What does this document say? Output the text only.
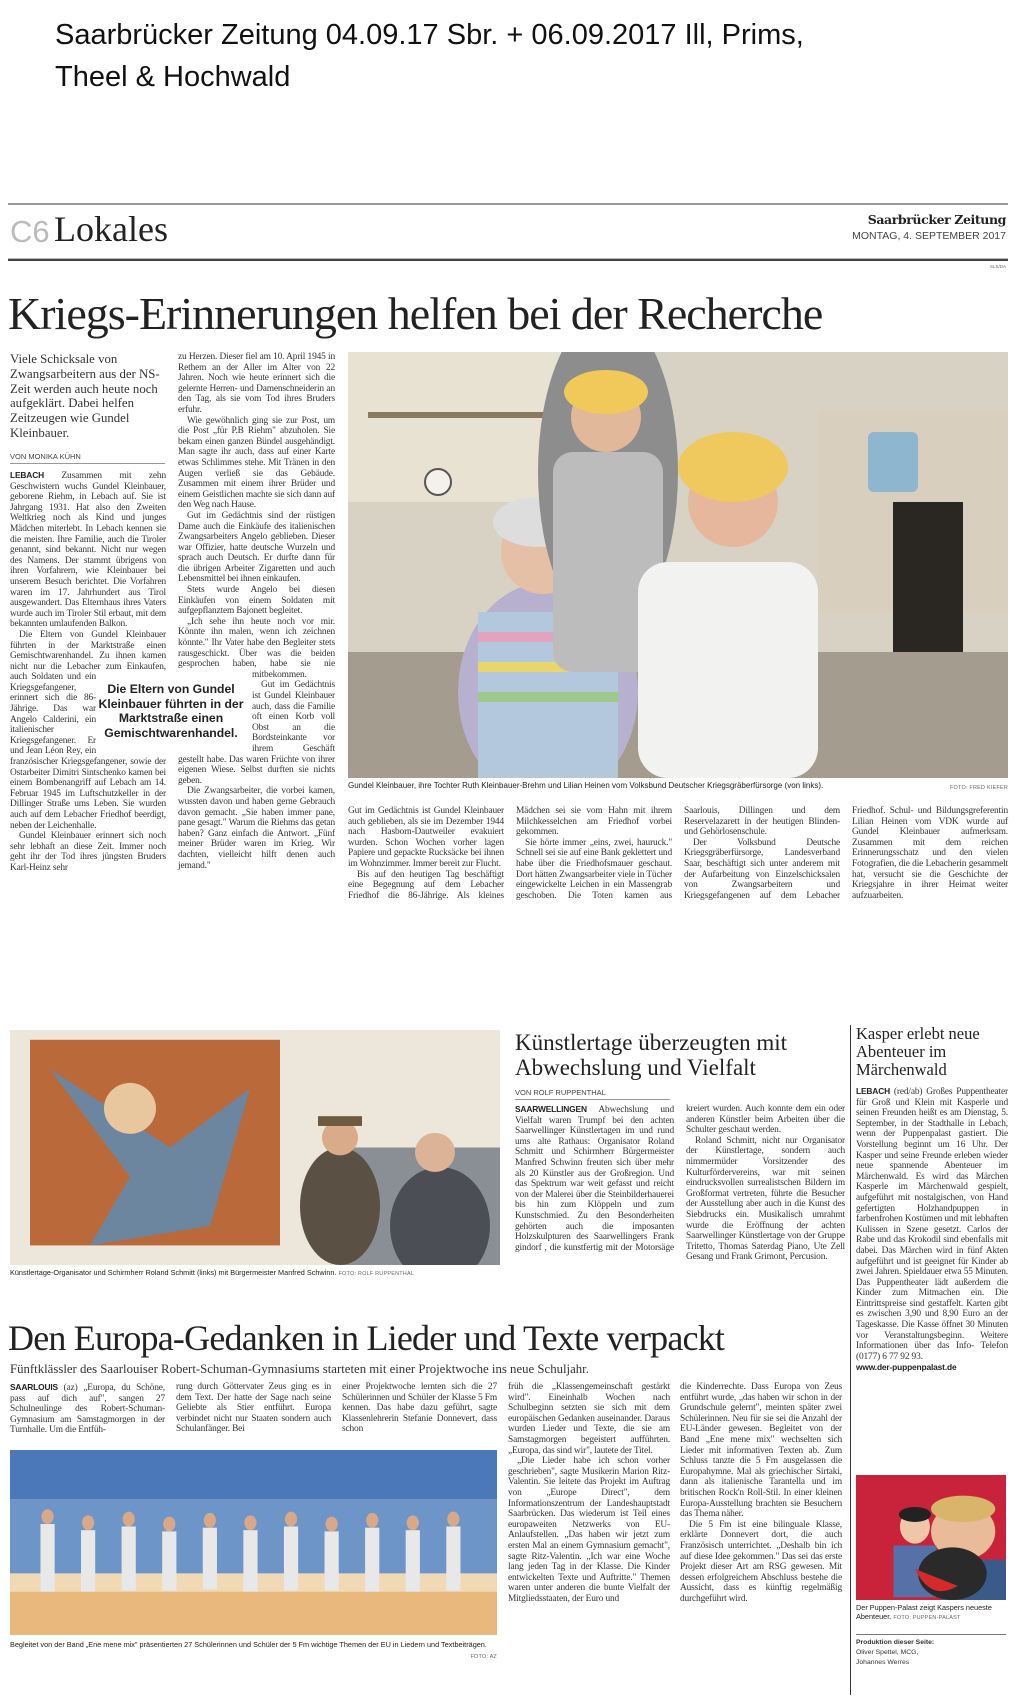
Saarbrücker Zeitung 04.09.17 Sbr. + 06.09.2017 Ill, Prims,
Theel & Hochwald
C6 Lokales	Saarbrücker Zeitung
MONTAG, 4. SEPTEMBER 2017
SLS/DA
Kriegs-Erinnerungen helfen bei der Recherche
Viele Schicksale von Zwangsarbeitern aus der NS-Zeit werden auch heute noch aufgeklärt. Dabei helfen Zeitzeugen wie Gundel Kleinbauer.
VON MONIKA KÜHN

LEBACH Zusammen mit zehn Geschwistern wuchs Gundel Kleinbauer, geborene Riehm, in Lebach auf. Sie ist Jahrgang 1931. Hat also den Zweiten Weltkrieg noch als Kind und junges Mädchen miterlebt. In Lebach kennen sie die meisten. Ihre Familie, auch die Tiroler genannt, sind bekannt. Nicht nur wegen des Namens. Der stammt übrigens von ihren Vorfahrern, wie Kleinbauer bei unserem Besuch berichtet. Die Vorfahren waren im 17. Jahrhundert aus Tirol ausgewandert. Das Elternhaus ihres Vaters wurde auch im Tiroler Stil erbaut, mit dem bekannten umlaufenden Balkon.

Die Eltern von Gundel Kleinbauer führten in der Marktstraße einen Gemischtwarenhandel. Zu ihnen kamen nicht nur die Lebacher zum Einkaufen, auch Soldaten und ein Kriegsgefangener, erinnert sich die 86-Jährige. Das war Angelo Calderini, ein italienischer Kriegsgefangener. Er und Jean Léon Rey, ein französischer Kriegsgefangener, sowie der Ostarbeiter Dimitri Sintschenko kamen bei einem Bombenangriff auf Lebach am 14. Februar 1945 im Luftschutzkeller in der Dillinger Straße ums Leben. Sie wurden auch auf dem Lebacher Friedhof beerdigt, neben der Leichenhalle.

Gundel Kleinbauer erinnert sich noch sehr lebhaft an diese Zeit. Immer noch geht ihr der Tod ihres jüngsten Bruders Karl-Heinz sehr

zu Herzen. Dieser fiel am 10. April 1945 in Rethem an der Aller im Alter von 22 Jahren. Noch wie heute erinnert sich die gelernte Herren- und Damenschneiderin an den Tag, als sie vom Tod ihres Bruders erfuhr.

Wie gewöhnlich ging sie zur Post, um die Post „für P.B Riehm" abzuholen. Sie bekam einen ganzen Bündel ausgehändigt. Man sagte ihr auch, dass auf einer Karte etwas Schlimmes stehe. Mit Tränen in den Augen verließ sie das Gebäude. Zusammen mit einem ihrer Brüder und einem Geistlichen machte sie sich dann auf den Weg nach Hause.

Gut im Gedächtnis sind der rüstigen Dame auch die Einkäufe des italienischen Zwangsarbeiters Angelo geblieben. Dieser war Offizier, hatte deutsche Wurzeln und sprach auch Deutsch. Er durfte dann für die übrigen Arbeiter Zigaretten und auch Lebensmittel bei ihnen einkaufen.

Stets wurde Angelo bei diesen Einkäufen von einem Soldaten mit aufgepflanztem Bajonett begleitet.

„Ich sehe ihn heute noch vor mir. Könnte ihn malen, wenn ich zeichnen könnte." Ihr Vater habe den Begleiter stets rausgeschickt. Über was die beiden gesprochen haben, habe sie nie mitbekommen.

Gut im Gedächtnis ist Gundel Kleinbauer auch, dass die Familie oft einen Korb voll Obst an die Bordsteinkante vor ihrem Geschäft gestellt habe. Das waren Früchte von ihrer eigenen Wiese. Selbst durften sie nichts geben.

Die Zwangsarbeiter, die vorbei kamen, wussten davon und haben gerne Gebrauch davon gemacht. „Sie haben immer pane, pane gesagt." Warum die Riehms das getan haben? Ganz einfach die Antwort. „Fünf meiner Brüder waren im Krieg. Wir dachten, vielleicht hilft denen auch jemand."

Die Eltern von Gundel Kleinbauer führten in der Marktstraße einen Gemischtwarenhandel.
Gundel Kleinbauer, ihre Tochter Ruth Kleinbauer-Brehm und Lilian Heinen vom Volksbund Deutscher Kriegsgräberfürsorge (von links).	FOTO: FRED KIEFER

Gut im Gedächtnis ist Gundel Kleinbauer auch geblieben, als sie im Dezember 1944 nach Hasborn-Dautweiler evakuiert wurden. Schon Wochen vorher lagen Papiere und gepackte Rucksäcke bei ihnen im Wohnzimmer. Immer bereit zur Flucht.

Bis auf den heutigen Tag beschäftigt eine Begegnung auf dem Lebacher Friedhof die 86-Jährige. Als kleines Mädchen sei sie vom Hahn mit ihrem Milchkesselchen am Friedhof vorbei gekommen.

Sie hörte immer „eins, zwei, hauruck." Schnell sei sie auf eine Bank geklettert und habe über die Friedhofsmauer geschaut. Dort hätten Zwangsarbeiter viele in Tücher eingewickelte Leichen in ein Massengrab geschoben. Die Toten kamen aus Saarlouis, Dillingen und dem Reservelazarett in der heutigen Blinden- und Gehörlosenschule.

Der Volksbund Deutsche Kriegsgräberfürsorge, Landesverband Saar, beschäftigt sich unter anderem mit der Aufarbeitung von Einzelschicksalen von Zwangsarbeitern und Kriegsgefangenen auf dem Lebacher Friedhof. Schul- und Bildungsgreferentin Lilian Heinen vom VDK wurde auf Gundel Kleinbauer aufmerksam. Zusammen mit dem reichen Erinnerungsschatz und den vielen Fotografien, die die Lebacherin gesammelt hat, versucht sie die Geschichte der Kriegsjahre in ihrer Heimat weiter aufzuarbeiten.

Künstlertage-Organisator und Schirmherr Roland Schmitt (links) mit Bürgermeister Manfred Schwinn. FOTO: ROLF RUPPENTHAL
Künstlertage überzeugten mit Abwechslung und Vielfalt
VON ROLF RUPPENTHAL

SAARWELLINGEN Abwechslung und Vielfalt waren Trumpf bei den achten Saarwellinger Künstlertagen im und rund ums alte Rathaus: Organisator Roland Schmitt und Schirmherr Bürgermeister Manfred Schwinn freuten sich über mehr als 20 Künstler aus der Großregion. Und das Spektrum war weit gefasst und reicht von der Malerei über die Steinbilderhauerei bis hin zum Klöppeln und zum Kunstschmied. Zu den Besonderheiten gehörten auch die imposanten Holzskulpturen des Saarwellingers Frank gindorf , die kunstfertig mit der Motorsäge kreiert wurden. Auch konnte dem ein oder anderen Künstler beim Arbeiten über die Schulter geschaut werden.

Roland Schmitt, nicht nur Organisator der Künstlertage, sondern auch nimmermüder Vorsitzender des Kulturfördervereins, war mit seinen eindrucksvollen surrealistschen Bildern im Großformat vertreten, führte die Besucher der Ausstellung aber auch in die Kunst des Siebdrucks ein. Musikalisch umrahmt wurde die Eröffnung der achten Saarwellinger Künstlertage von der Gruppe Tritetto, Thomas Saterdag Piano, Ute Zell Gesang und Frank Grimont, Percusion.

Kasper erlebt neue Abenteuer im Märchenwald

LEBACH (red/ab) Großes Puppentheater für Groß und Klein mit Kasperle und seinen Freunden heißt es am Dienstag, 5. September, in der Stadthalle in Lebach, wenn der Puppenpalast gastiert. Die Vorstellung beginnt um 16 Uhr. Der Kasper und seine Freunde erleben wieder neue spannende Abenteuer im Märchenwald. Es wird das Märchen Kasperle im Märchenwald gespielt, aufgeführt mit nostalgischen, von Hand gefertigten Holzhandpuppen in farbenfrohen Kostümen und mit lebhaften Kulissen in Szene gesetzt. Carlos der Rabe und das Krokodil sind ebenfalls mit dabei. Das Märchen wird in fünf Akten aufgeführt und ist geeignet für Kinder ab zwei Jahren. Spieldauer etwa 55 Minuten. Das Puppentheater lädt außerdem die Kinder zum Mitmachen ein. Die Eintrittspreise sind gestaffelt. Karten gibt es zwischen 3,90 und 8,90 Euro an der Tageskasse. Die Kasse öffnet 30 Minuten vor Veranstaltungsbeginn. Weitere Informationen über das Info- Telefon (0177) 6 77 92 93.

www.der-puppenpalast.de
Der Puppen-Palast zeigt Kaspers neueste Abenteuer. FOTO: PUPPEN-PALAST
Produktion dieser Seite:
Oliver Spettel, MCG,
Johannes Werres
Den Europa-Gedanken in Lieder und Texte verpackt
Fünftklässler des Saarlouiser Robert-Schuman-Gymnasiums starteten mit einer Projektwoche ins neue Schuljahr.

SAARLOUIS (az) „Europa, du Schöne, pass auf dich auf", sangen 27 Schulneulinge des Robert-Schuman-Gymnasium am Samstagmorgen in der Turnhalle. Um die Entfüh-

rung durch Göttervater Zeus ging es in dem Text. Der hatte der Sage nach seine Geliebte als Stier entführt. Europa verbindet nicht nur Staaten sondern auch Schulanfänger. Bei

einer Projektwoche lernten sich die 27 Schülerinnen und Schüler der Klasse 5 Fm kennen. Das habe dazu geführt, sagte Klassenlehrerin Stefanie Donnevert, dass schon

früh die „Klassengemeinschaft gestärkt wird". Eineinhalb Wochen nach Schulbeginn setzten sie sich mit dem europäischen Gedanken auseinander. Daraus wurden Lieder und Texte, die sie am Samstagmorgen begeistert aufführten. „Europa, das sind wir", lautete der Titel.

„Die Lieder habe ich schon vorher geschrieben", sagte Musikerin Marion Ritz-Valentin. Sie leitete das Projekt im Auftrag von „Europe Direct", dem Informationszentrum der Landeshauptstadt Saarbrücken. Das wiederum ist Teil eines europaweiten Netzwerks von EU-Anlaufstellen. „Das haben wir jetzt zum ersten Mal an einem Gymnasium gemacht", sagte Ritz-Valentin. „Ich war eine Woche lang jeden Tag in der Klasse. Die Kinder entwickelten Texte und Auftritte." Themen waren unter anderen die bunte Vielfalt der Mitgliedsstaaten, der Euro und

die Kinderrechte. Dass Europa von Zeus entführt wurde, „das haben wir schon in der Grundschule gelernt", meinten später zwei Schülerinnen. Neu für sie sei die Anzahl der EU-Länder gewesen. Begleitet von der Band „Ene mene mix" wechselten sich Lieder mit informativen Texten ab. Zum Schluss tanzte die 5 Fm ausgelassen die Europahymne. Mal als griechischer Sirtaki, dann als italienische Tarantella und im britischen Rock'n Roll-Stil. In einer kleinen Europa-Ausstellung brachten sie Besuchern das Thema näher.

Die 5 Fm ist eine bilinguale Klasse, erklärte Donnevert dort, die auch Französisch unterrichtet. „Deshalb bin ich auf diese Idee gekommen." Das sei das erste Projekt dieser Art am RSG gewesen. Mit dessen erfolgreichem Abschluss bestehe die Aussicht, dass es künftig regelmäßig durchgeführt wird.

Begleitet von der Band „Ene mene mix" präsentierten 27 Schülerinnen und Schüler der 5 Fm wichtige Themen der EU in Liedern und Textbeiträgen.
FOTO: AZ
